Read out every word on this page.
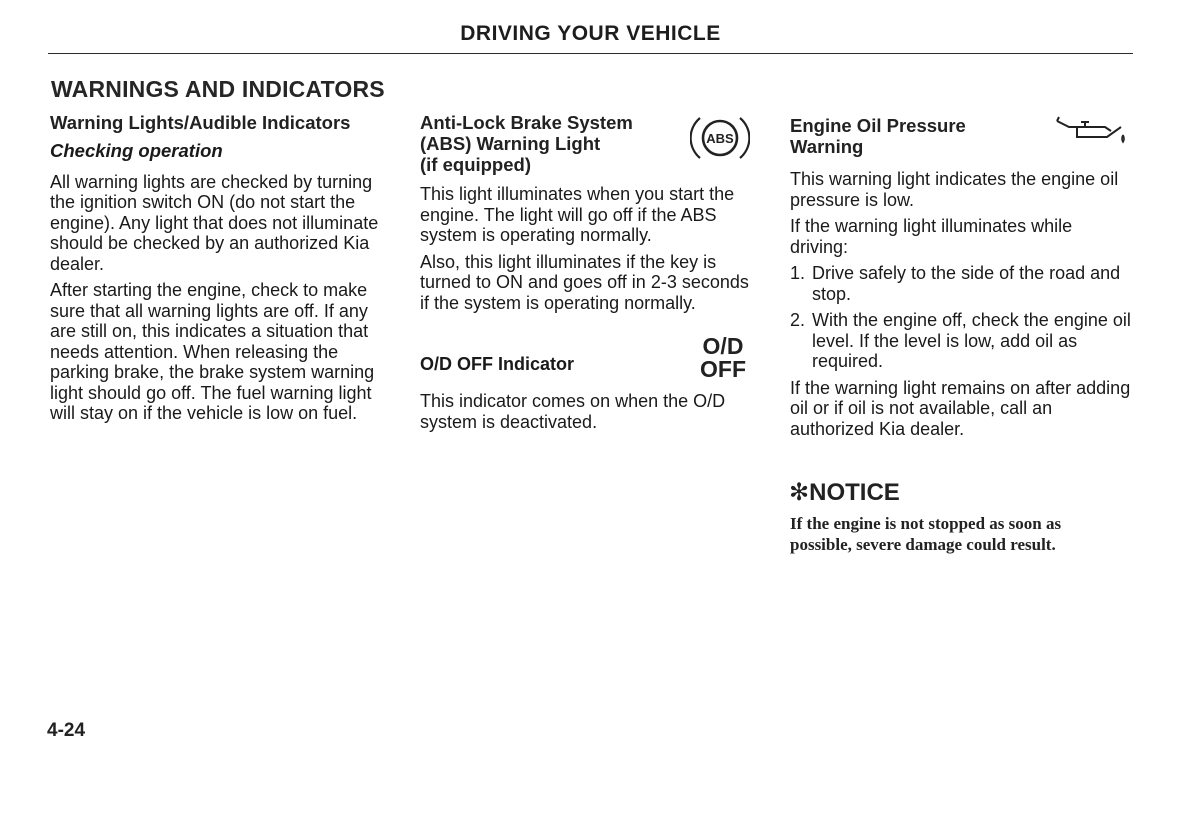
DRIVING YOUR VEHICLE
WARNINGS AND INDICATORS
Warning Lights/Audible Indicators
Checking operation

All warning lights are checked by turning the ignition switch ON (do not start the engine). Any light that does not illuminate should be checked by an authorized Kia dealer.

After starting the engine, check to make sure that all warning lights are off. If any are still on, this indicates a situation that needs attention. When releasing the parking brake, the brake system warning light should go off. The fuel warning light will stay on if the vehicle is low on fuel.

Anti-Lock Brake System
(ABS) Warning Light
(if equipped)
ABS

This light illuminates when you start the engine. The light will go off if the ABS system is operating normally.

Also, this light illuminates if the key is turned to ON and goes off in 2-3 seconds if the system is operating normally.

O/D OFF Indicator
O/D
OFF

This indicator comes on when the O/D system is deactivated.

Engine Oil Pressure
Warning

This warning light indicates the engine oil pressure is low.

If the warning light illuminates while driving:

1. Drive safely to the side of the road and stop.
2. With the engine off, check the engine oil level. If the level is low, add oil as required.

If the warning light remains on after adding oil or if oil is not available, call an authorized Kia dealer.

✻NOTICE
If the engine is not stopped as soon as possible, severe damage could result.
4-24
